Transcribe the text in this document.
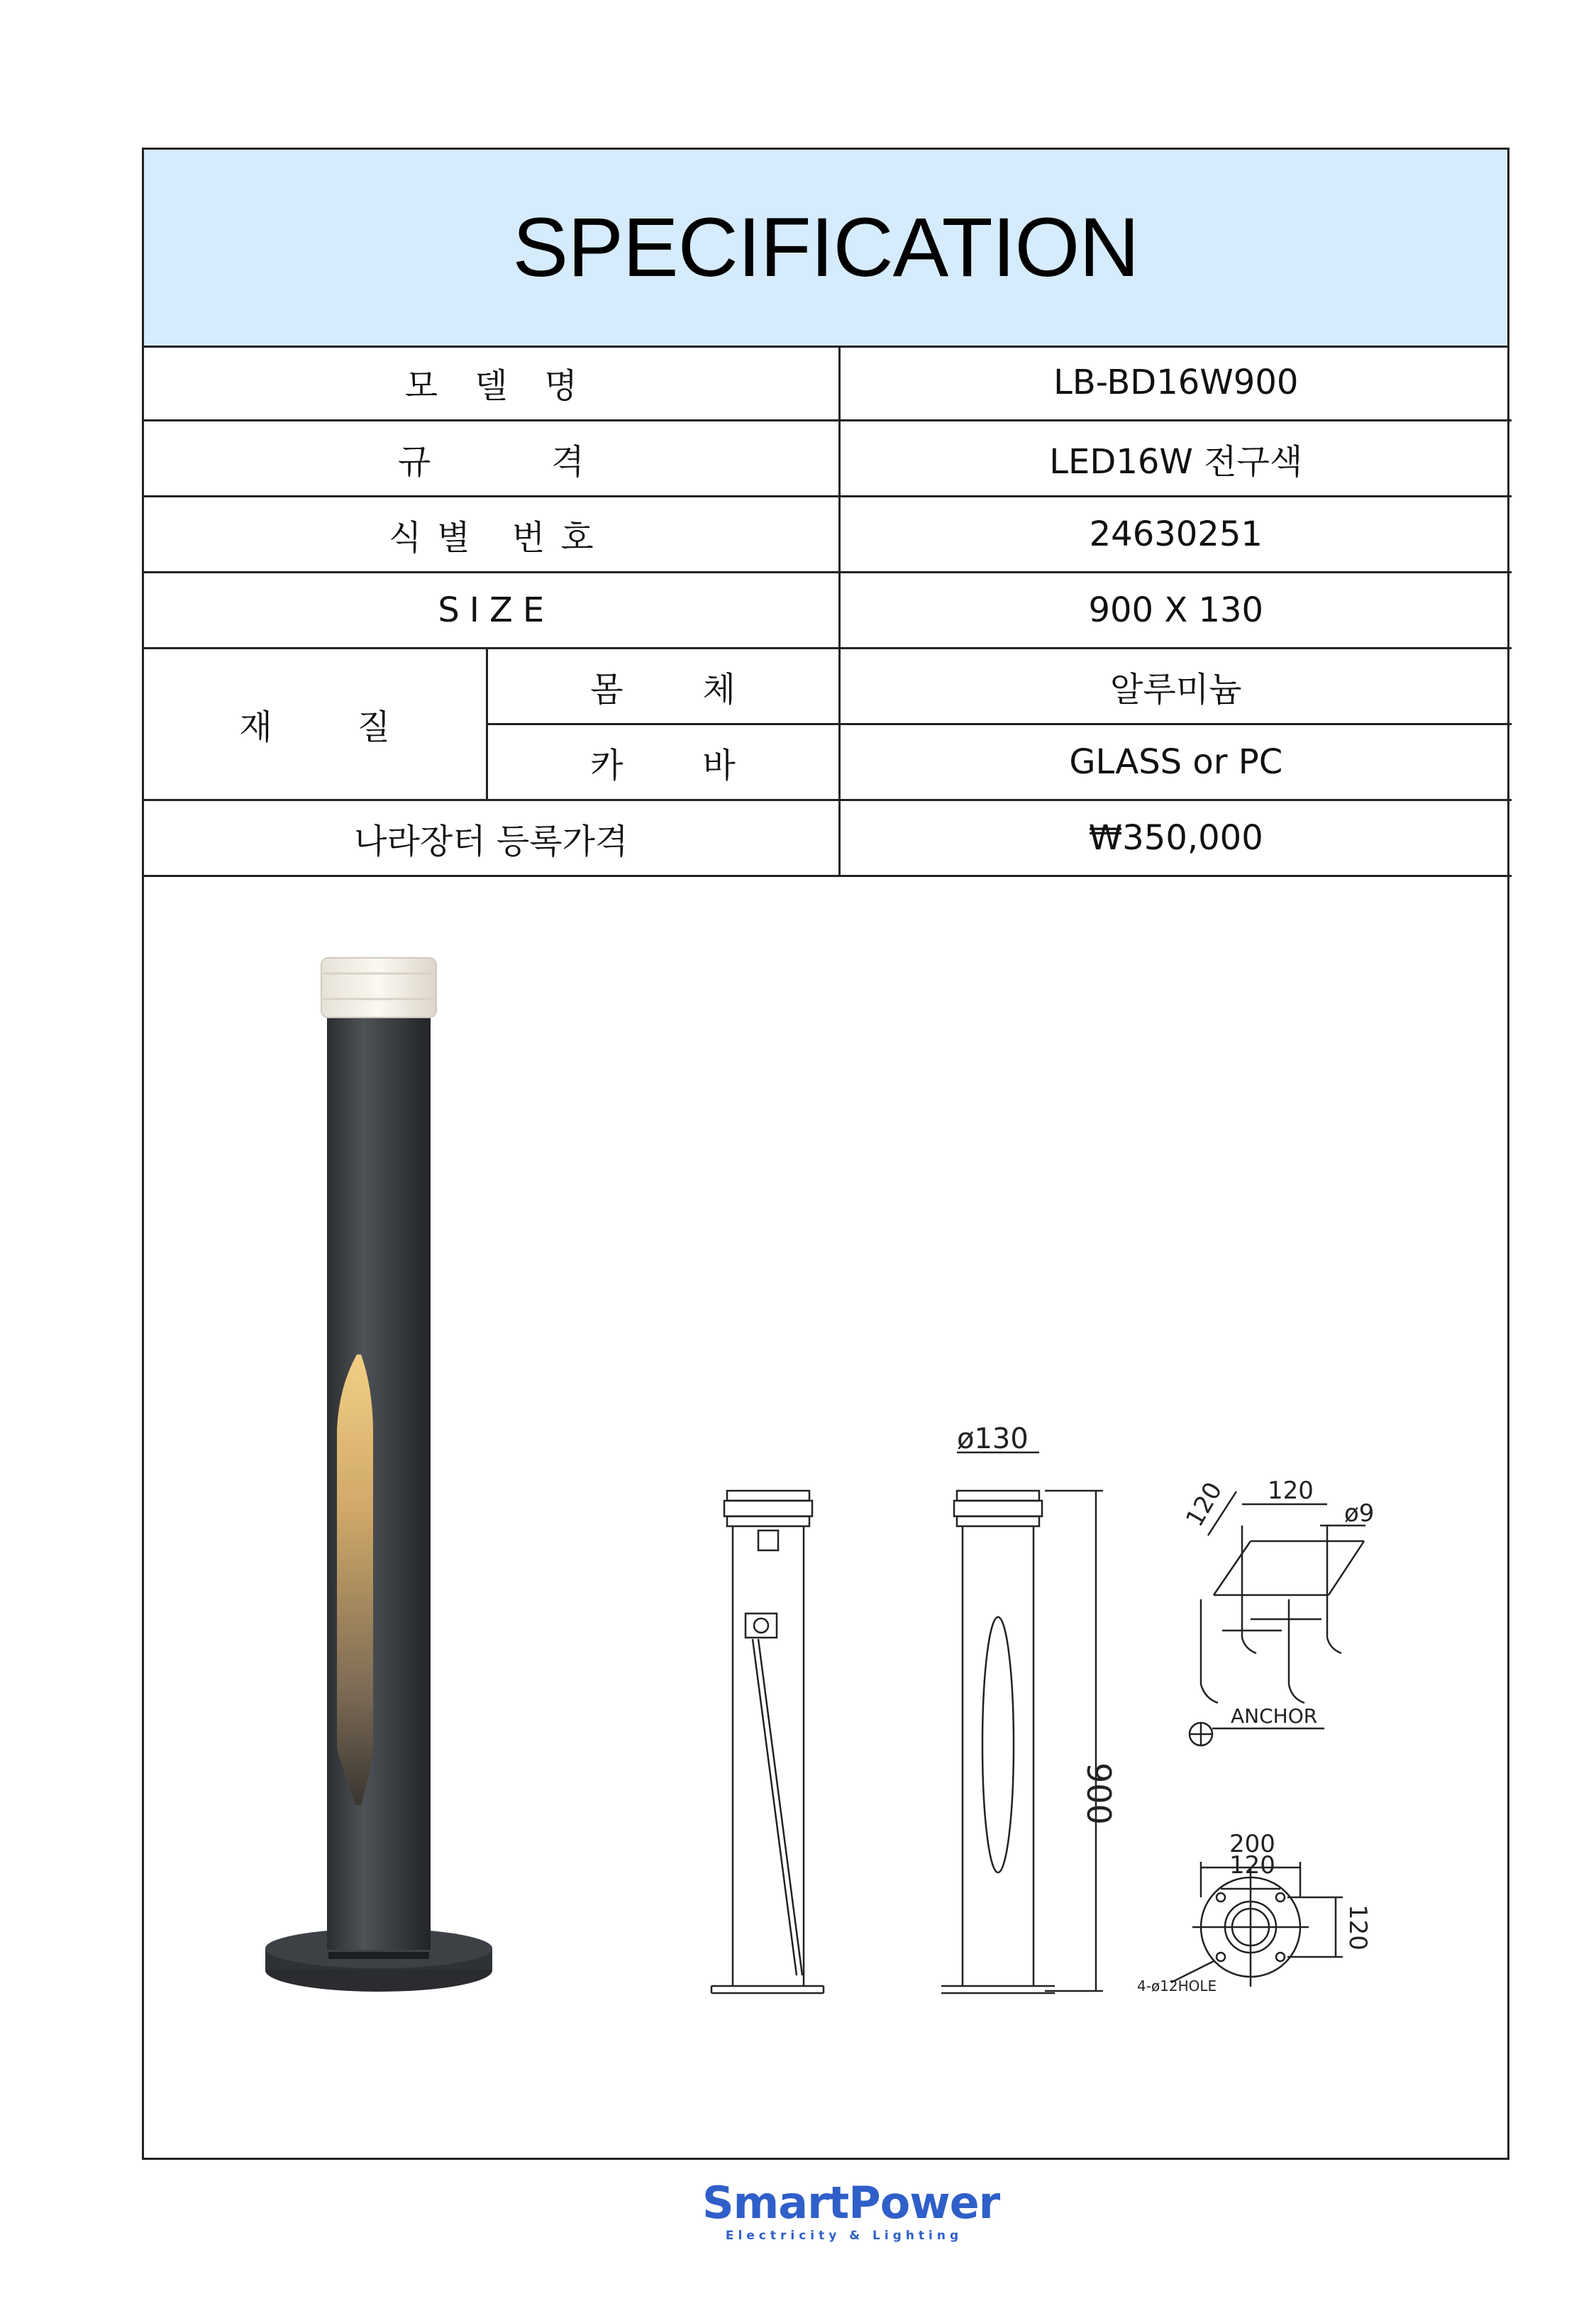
SPECIFICATION
모델명		LB-BD16W900
규격		LED16W 전구색
식별 번호		24630251
SIZE		900 X 130
재질	몸체	알루미늄
	카바	GLASS or PC
나라장터 등록가격		₩350,000
ø130
900
120
ø9
120
ANCHOR
200
120
120
4-ø12HOLE
SmartPower
Electricity & Lighting
